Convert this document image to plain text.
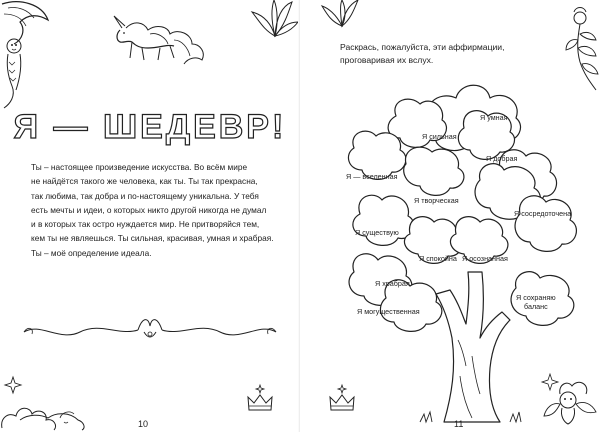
Я — ШЕДЕВР!
Ты – настоящее произведение искусства. Во всём мире
не найдётся такого же человека, как ты. Ты так прекрасна,
так любима, так добра и по-настоящему уникальна. У тебя
есть мечты и идеи, о которых никто другой никогда не думал
и в которых так остро нуждается мир. Не притворяйся тем,
кем ты не являешься. Ты сильная, красивая, умная и храбрая.
Ты – моё определение идеала.
10
Раскрась, пожалуйста, эти аффирмации,
проговаривая их вслух.
Я умная
Я сильная
Я добрая
Я — вселенная
Я творческая
Я сосредоточена
Я существую
Я спокойна Я осознанная
Я храбрая
Я могущественная
Я сохраняю
баланс
11
